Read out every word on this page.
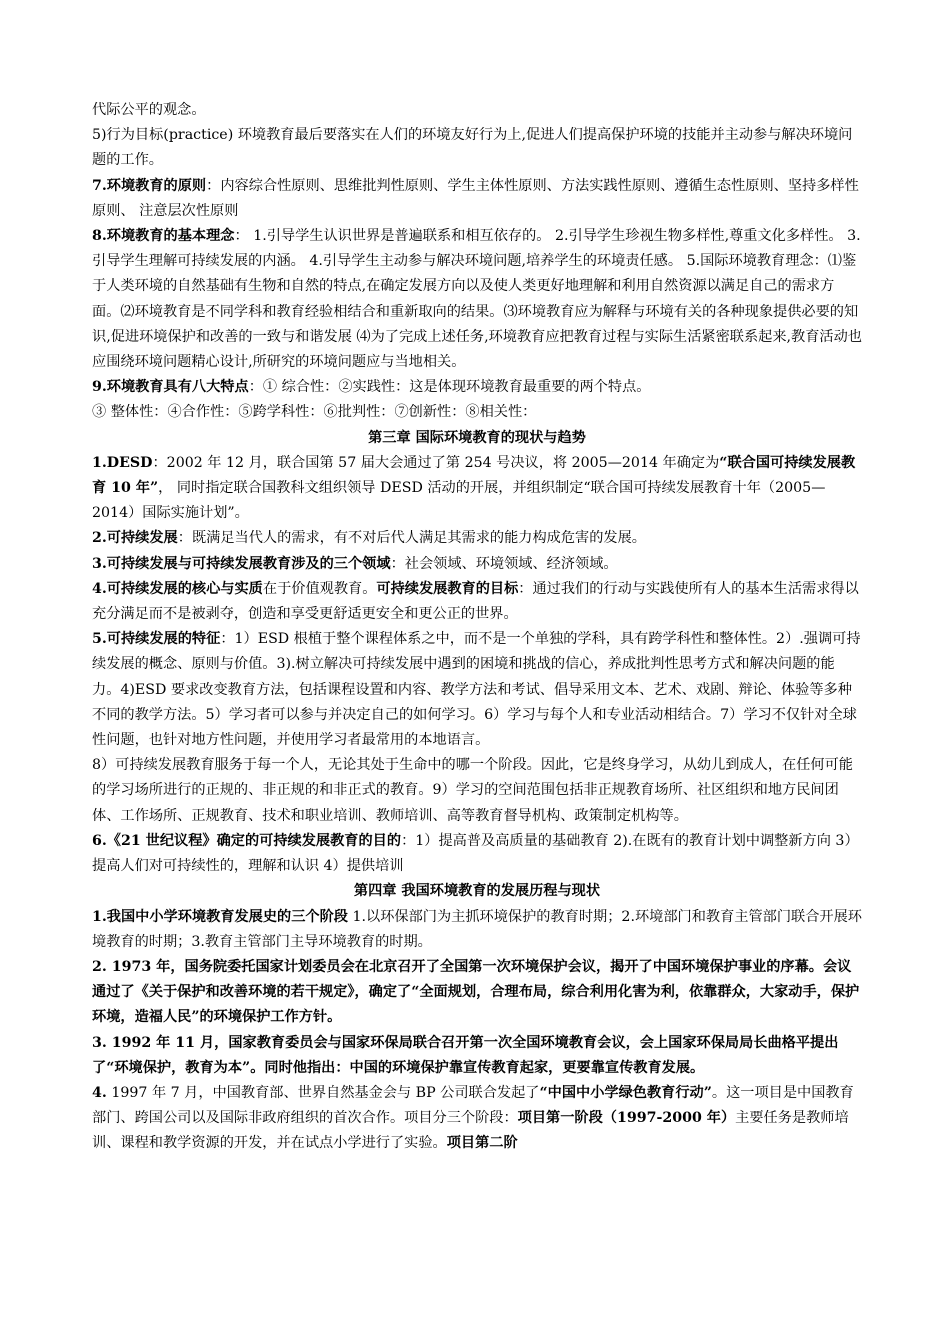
代际公平的观念。

5)行为目标(practice) 环境教育最后要落实在人们的环境友好行为上,促进人们提高保护环境的技能并主动参与解决环境问题的工作。

7.环境教育的原则：内容综合性原则、思维批判性原则、学生主体性原则、方法实践性原则、遵循生态性原则、坚持多样性原则、 注意层次性原则

8.环境教育的基本理念： 1.引导学生认识世界是普遍联系和相互依存的。 2.引导学生珍视生物多样性,尊重文化多样性。 3.引导学生理解可持续发展的内涵。 4.引导学生主动参与解决环境问题,培养学生的环境责任感。 5.国际环境教育理念：⑴鉴于人类环境的自然基础有生物和自然的特点,在确定发展方向以及使人类更好地理解和利用自然资源以满足自己的需求方面。⑵环境教育是不同学科和教育经验相结合和重新取向的结果。⑶环境教育应为解释与环境有关的各种现象提供必要的知识,促进环境保护和改善的一致与和谐发展 ⑷为了完成上述任务,环境教育应把教育过程与实际生活紧密联系起来,教育活动也应围绕环境问题精心设计,所研究的环境问题应与当地相关。

9.环境教育具有八大特点：① 综合性：②实践性：这是体现环境教育最重要的两个特点。

③ 整体性：④合作性：⑤跨学科性：⑥批判性：⑦创新性：⑧相关性：

第三章 国际环境教育的现状与趋势

1.DESD：2002 年 12 月，联合国第 57 届大会通过了第 254 号决议，将 2005—2014 年确定为“联合国可持续发展教育 10 年”， 同时指定联合国教科文组织领导 DESD 活动的开展，并组织制定“联合国可持续发展教育十年（2005—2014）国际实施计划”。

2.可持续发展：既满足当代人的需求，有不对后代人满足其需求的能力构成危害的发展。

3.可持续发展与可持续发展教育涉及的三个领域：社会领域、环境领域、经济领域。

4.可持续发展的核心与实质在于价值观教育。可持续发展教育的目标：通过我们的行动与实践使所有人的基本生活需求得以充分满足而不是被剥夺，创造和享受更舒适更安全和更公正的世界。

5.可持续发展的特征：1）ESD 根植于整个课程体系之中，而不是一个单独的学科，具有跨学科性和整体性。2）.强调可持续发展的概念、原则与价值。3).树立解决可持续发展中遇到的困境和挑战的信心，养成批判性思考方式和解决问题的能力。4)ESD 要求改变教育方法，包括课程设置和内容、教学方法和考试、倡导采用文本、艺术、戏剧、辩论、体验等多种不同的教学方法。5）学习者可以参与并决定自己的如何学习。6）学习与每个人和专业活动相结合。7）学习不仅针对全球性问题，也针对地方性问题，并使用学习者最常用的本地语言。

8）可持续发展教育服务于每一个人，无论其处于生命中的哪一个阶段。因此，它是终身学习，从幼儿到成人，在任何可能的学习场所进行的正规的、非正规的和非正式的教育。9）学习的空间范围包括非正规教育场所、社区组织和地方民间团体、工作场所、正规教育、技术和职业培训、教师培训、高等教育督导机构、政策制定机构等。

6.《21 世纪议程》确定的可持续发展教育的目的：1）提高普及高质量的基础教育 2).在既有的教育计划中调整新方向 3）提高人们对可持续性的，理解和认识 4）提供培训

第四章 我国环境教育的发展历程与现状

1.我国中小学环境教育发展史的三个阶段 1.以环保部门为主抓环境保护的教育时期；2.环境部门和教育主管部门联合开展环境教育的时期；3.教育主管部门主导环境教育的时期。

2. 1973 年，国务院委托国家计划委员会在北京召开了全国第一次环境保护会议，揭开了中国环境保护事业的序幕。会议通过了《关于保护和改善环境的若干规定》，确定了“全面规划，合理布局，综合利用化害为利，依靠群众，大家动手，保护环境，造福人民”的环境保护工作方针。

3. 1992 年 11 月，国家教育委员会与国家环保局联合召开第一次全国环境教育会议，会上国家环保局局长曲格平提出了“环境保护，教育为本”。同时他指出：中国的环境保护靠宣传教育起家，更要靠宣传教育发展。

4. 1997 年 7 月，中国教育部、世界自然基金会与 BP 公司联合发起了“中国中小学绿色教育行动”。这一项目是中国教育部门、跨国公司以及国际非政府组织的首次合作。项目分三个阶段：项目第一阶段（1997-2000 年）主要任务是教师培训、课程和教学资源的开发，并在试点小学进行了实验。项目第二阶
